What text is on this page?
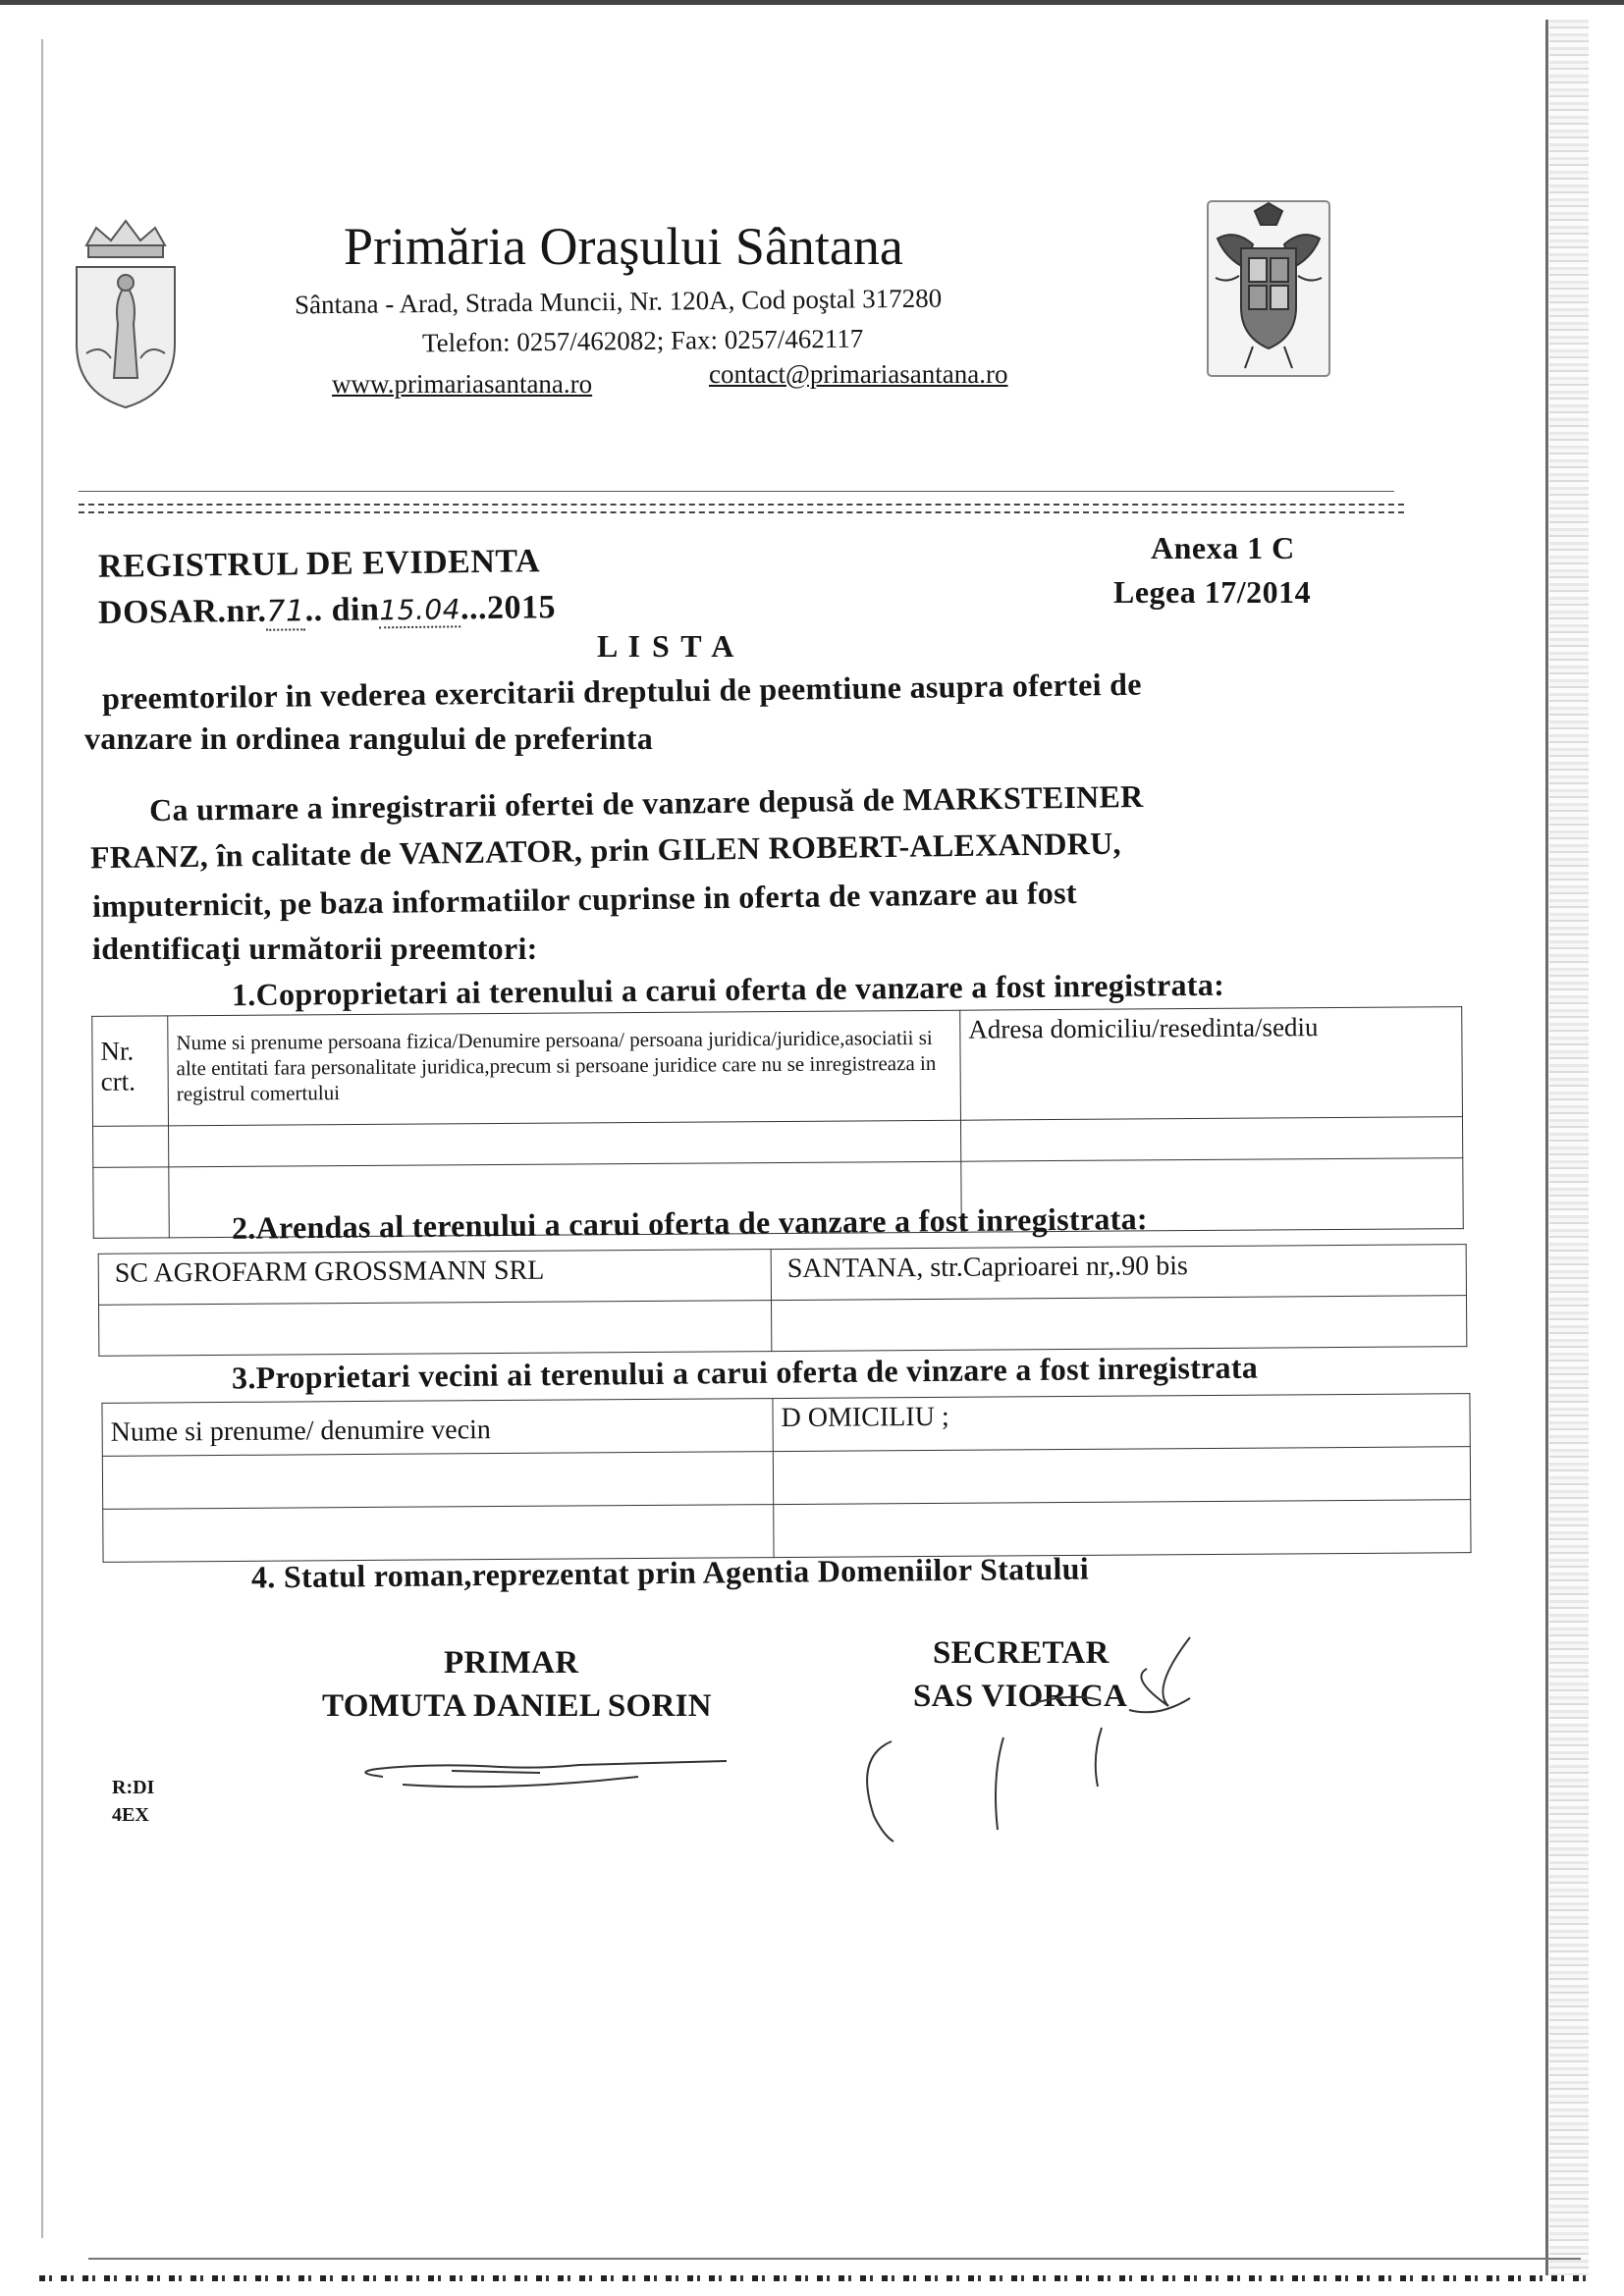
Primăria Oraşului Sântana
Sântana - Arad, Strada Muncii, Nr. 120A, Cod poştal 317280
Telefon: 0257/462082; Fax: 0257/462117
www.primariasantana.ro	contact@primariasantana.ro
REGISTRUL DE EVIDENTA
DOSAR.nr.71.. din15.04...2015
Anexa 1 C
Legea 17/2014
L I S T A
preemtorilor in vederea exercitarii dreptului de peemtiune asupra ofertei de
vanzare in ordinea rangului de preferinta
Ca urmare a inregistrarii ofertei de vanzare depusă de MARKSTEINER
FRANZ, în calitate de VANZATOR, prin GILEN ROBERT-ALEXANDRU,
imputernicit, pe baza informatiilor cuprinse in oferta de vanzare au fost
identificaţi următorii preemtori:
1.Coproprietari ai terenului a carui oferta de vanzare a fost inregistrata:
Nr. crt.	Nume si prenume persoana fizica/Denumire persoana/ persoana juridica/juridice,asociatii si alte entitati fara personalitate juridica,precum si persoane juridice care nu se inregistreaza in registrul comertului	Adresa domiciliu/resedinta/sediu

2.Arendas al terenului a carui oferta de vanzare a fost inregistrata:
SC AGROFARM GROSSMANN SRL	SANTANA, str.Caprioarei nr,.90 bis

3.Proprietari vecini ai terenului a carui oferta de vinzare a fost inregistrata
Nume si prenume/ denumire vecin	D OMICILIU ;

4. Statul roman,reprezentat prin Agentia Domeniilor Statului
PRIMAR
TOMUTA DANIEL SORIN
SECRETAR
SAS VIORICA
R:DI
4EX
